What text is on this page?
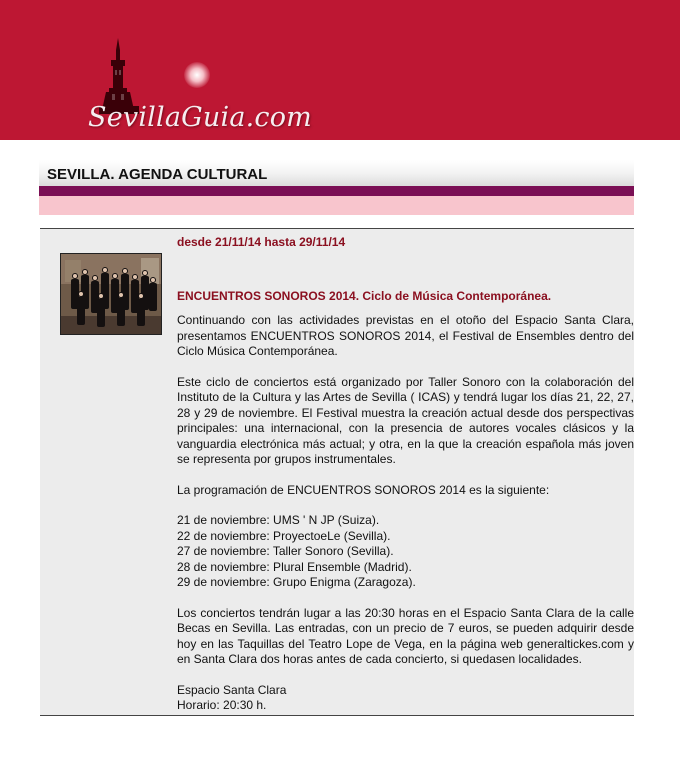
SevillaGuia.com
SEVILLA. AGENDA CULTURAL
desde 21/11/14 hasta 29/11/14
ENCUENTROS SONOROS 2014. Ciclo de Música Contemporánea.

Continuando con las actividades previstas en el otoño del Espacio Santa Clara, presentamos ENCUENTROS SONOROS 2014, el Festival de Ensembles dentro del Ciclo Música Contemporánea.

Este ciclo de conciertos está organizado por Taller Sonoro con la colaboración del Instituto de la Cultura y las Artes de Sevilla ( ICAS) y tendrá lugar los días 21, 22, 27, 28 y 29 de noviembre. El Festival muestra la creación actual desde dos perspectivas principales: una internacional, con la presencia de autores vocales clásicos y la vanguardia electrónica más actual; y otra, en la que la creación española más joven se representa por grupos instrumentales.

La programación de ENCUENTROS SONOROS 2014 es la siguiente:

21 de noviembre: UMS ' N JP (Suiza).
22 de noviembre: ProyectoeLe (Sevilla).
27 de noviembre: Taller Sonoro (Sevilla).
28 de noviembre: Plural Ensemble (Madrid).
29 de noviembre: Grupo Enigma (Zaragoza).

Los conciertos tendrán lugar a las 20:30 horas en el Espacio Santa Clara de la calle Becas en Sevilla. Las entradas, con un precio de 7 euros, se pueden adquirir desde hoy en las Taquillas del Teatro Lope de Vega, en la página web generaltickes.com y en Santa Clara dos horas antes de cada concierto, si quedasen localidades.

Espacio Santa Clara
Horario: 20:30 h.
